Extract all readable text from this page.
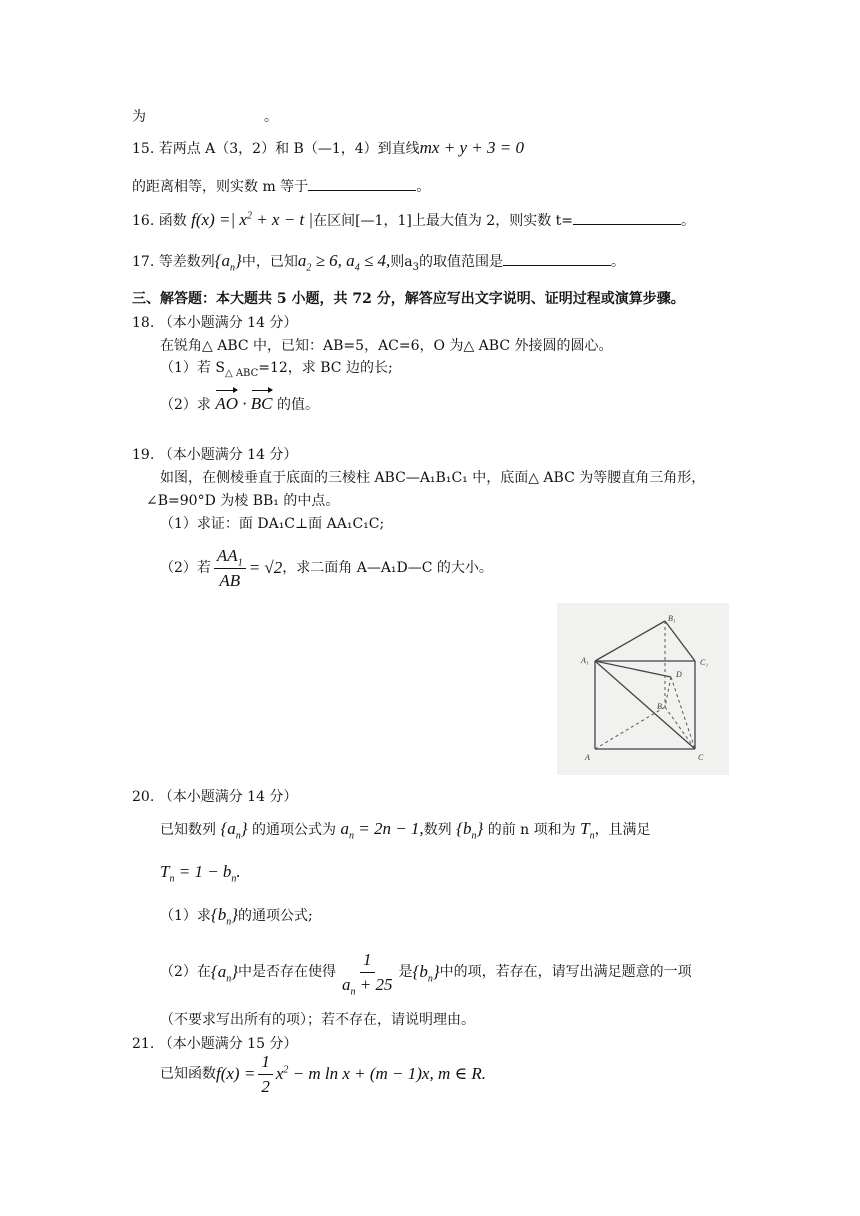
为	。
15. 若两点 A（3，2）和 B（—1，4）到直线mx + y + 3 = 0
的距离相等，则实数 m 等于	。
16. 函数 f(x) =| $x^2 + x - t$ |在区间[—1，1]上最大值为 2，则实数 t=	。
17. 等差数列$\{a_n\}$中，已知$a_2 \ge 6$, $a_4 \le 4$,则$a_3$的取值范围是	。
三、解答题：本大题共 5 小题，共 72 分，解答应写出文字说明、证明过程或演算步骤。
18. （本小题满分 14 分）
在锐角△ ABC 中，已知：AB=5，AC=6，O 为△ ABC 外接圆的圆心。
（1）若 $S_{\triangle ABC}=12$，求 BC 边的长;
（2）求 AO · BC 的值。
19. （本小题满分 14 分）
如图，在侧棱垂直于底面的三棱柱 ABC—A₁B₁C₁ 中，底面△ ABC 为等腰直角三角形，
∠B=90°D 为棱 BB₁ 的中点。
（1）求证：面 DA₁C⊥面 AA₁C₁C;
（2）若 $\frac{AA_1}{AB} = √2$ ，求二面角 A—A₁D—C 的大小。
B₁
A₁	C₁
D
B
A	C
20. （本小题满分 14 分）
已知数列 $\{a_n\}$ 的通项公式为 $a_n = 2n - 1$,数列 $\{b_n\}$ 的前 n 项和为 $T_n$，且满足
$T_n = 1 - b_n$.
（1）求$\{b_n\}$的通项公式;
（2）在 $\{a_n\}$ 中是否存在使得 $\frac{1}{a_n + 25}$ 是 $\{b_n\}$ 中的项，若存在，请写出满足题意的一项
（不要求写出所有的项）；若不存在，请说明理由。
21. （本小题满分 15 分）
已知函数 $f(x) = \frac{1}{2} x^2 - m$ ln x + (m − 1)x, m ∈ R.
